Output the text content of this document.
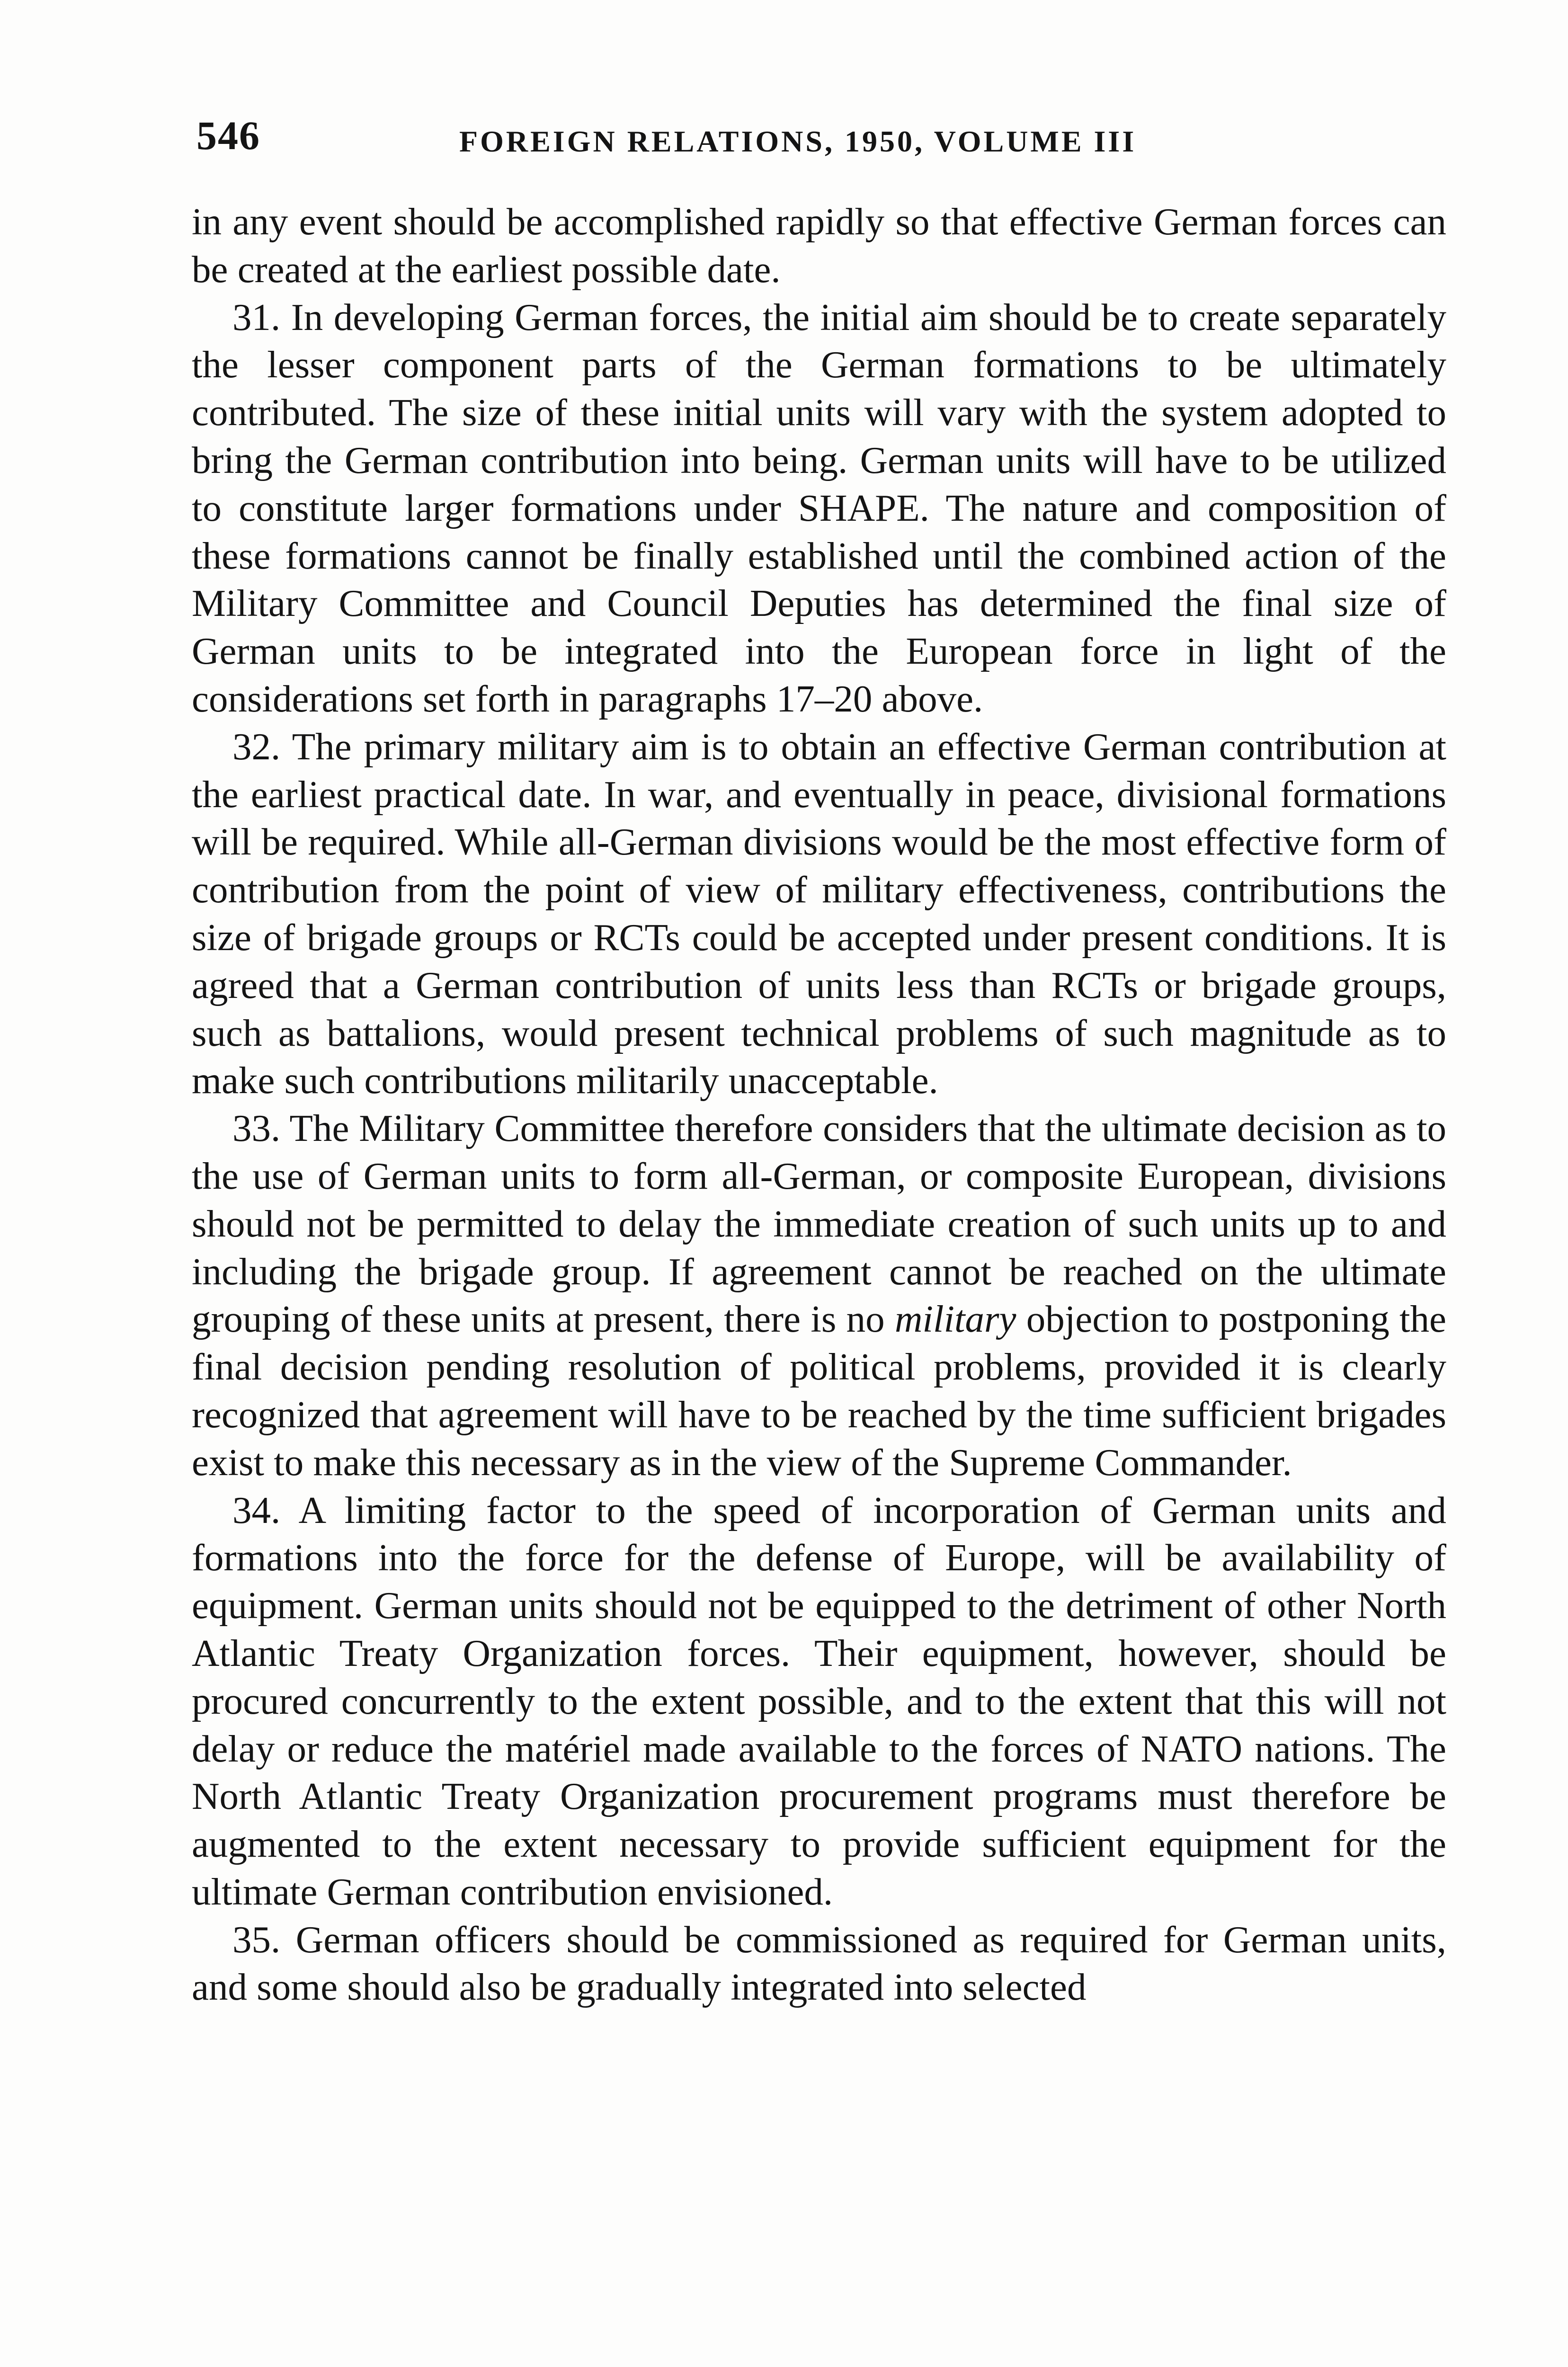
546	FOREIGN RELATIONS, 1950, VOLUME III

in any event should be accomplished rapidly so that effective German forces can be created at the earliest possible date.

31. In developing German forces, the initial aim should be to create separately the lesser component parts of the German formations to be ultimately contributed. The size of these initial units will vary with the system adopted to bring the German contribution into being. German units will have to be utilized to constitute larger formations under SHAPE. The nature and composition of these formations cannot be finally established until the combined action of the Military Committee and Council Deputies has determined the final size of German units to be integrated into the European force in light of the considerations set forth in paragraphs 17–20 above.

32. The primary military aim is to obtain an effective German contribution at the earliest practical date. In war, and eventually in peace, divisional formations will be required. While all-German divisions would be the most effective form of contribution from the point of view of military effectiveness, contributions the size of brigade groups or RCTs could be accepted under present conditions. It is agreed that a German contribution of units less than RCTs or brigade groups, such as battalions, would present technical problems of such magnitude as to make such contributions militarily unacceptable.

33. The Military Committee therefore considers that the ultimate decision as to the use of German units to form all-German, or composite European, divisions should not be permitted to delay the immediate creation of such units up to and including the brigade group. If agreement cannot be reached on the ultimate grouping of these units at present, there is no military objection to postponing the final decision pending resolution of political problems, provided it is clearly recognized that agreement will have to be reached by the time sufficient brigades exist to make this necessary as in the view of the Supreme Commander.

34. A limiting factor to the speed of incorporation of German units and formations into the force for the defense of Europe, will be availability of equipment. German units should not be equipped to the detriment of other North Atlantic Treaty Organization forces. Their equipment, however, should be procured concurrently to the extent possible, and to the extent that this will not delay or reduce the matériel made available to the forces of NATO nations. The North Atlantic Treaty Organization procurement programs must therefore be augmented to the extent necessary to provide sufficient equipment for the ultimate German contribution envisioned.

35. German officers should be commissioned as required for German units, and some should also be gradually integrated into selected
